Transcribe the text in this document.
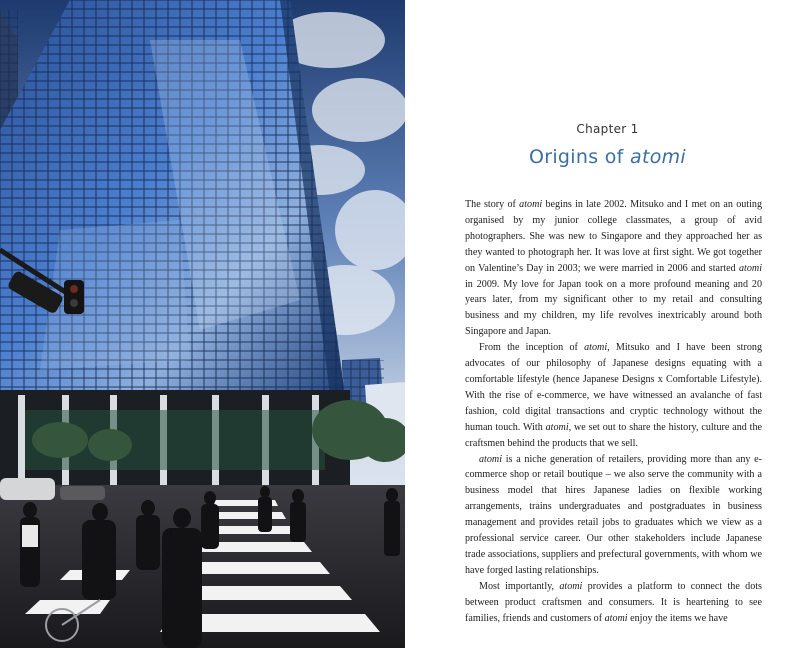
Chapter 1
Origins of atomi

The story of atomi begins in late 2002. Mitsuko and I met on an outing organised by my junior college classmates, a group of avid photographers. She was new to Singapore and they approached her as they wanted to photograph her. It was love at first sight. We got together on Valentine’s Day in 2003; we were married in 2006 and started atomi in 2009. My love for Japan took on a more profound meaning and 20 years later, from my significant other to my retail and consulting business and my children, my life revolves inextricably around both Singapore and Japan.

From the inception of atomi, Mitsuko and I have been strong advocates of our philosophy of Japanese designs equating with a comfortable lifestyle (hence Japanese Designs x Comfortable Lifestyle). With the rise of e-commerce, we have witnessed an avalanche of fast fashion, cold digital transactions and cryptic technology without the human touch. With atomi, we set out to share the history, culture and the craftsmen behind the products that we sell.

atomi is a niche generation of retailers, providing more than any e-commerce shop or retail boutique – we also serve the community with a business model that hires Japanese ladies on flexible working arrangements, trains undergraduates and postgraduates in business management and provides retail jobs to graduates which we view as a professional service career. Our other stakeholders include Japanese trade associations, suppliers and prefectural governments, with whom we have forged lasting relationships.

Most importantly, atomi provides a platform to connect the dots between product craftsmen and consumers. It is heartening to see families, friends and customers of atomi enjoy the items we have
